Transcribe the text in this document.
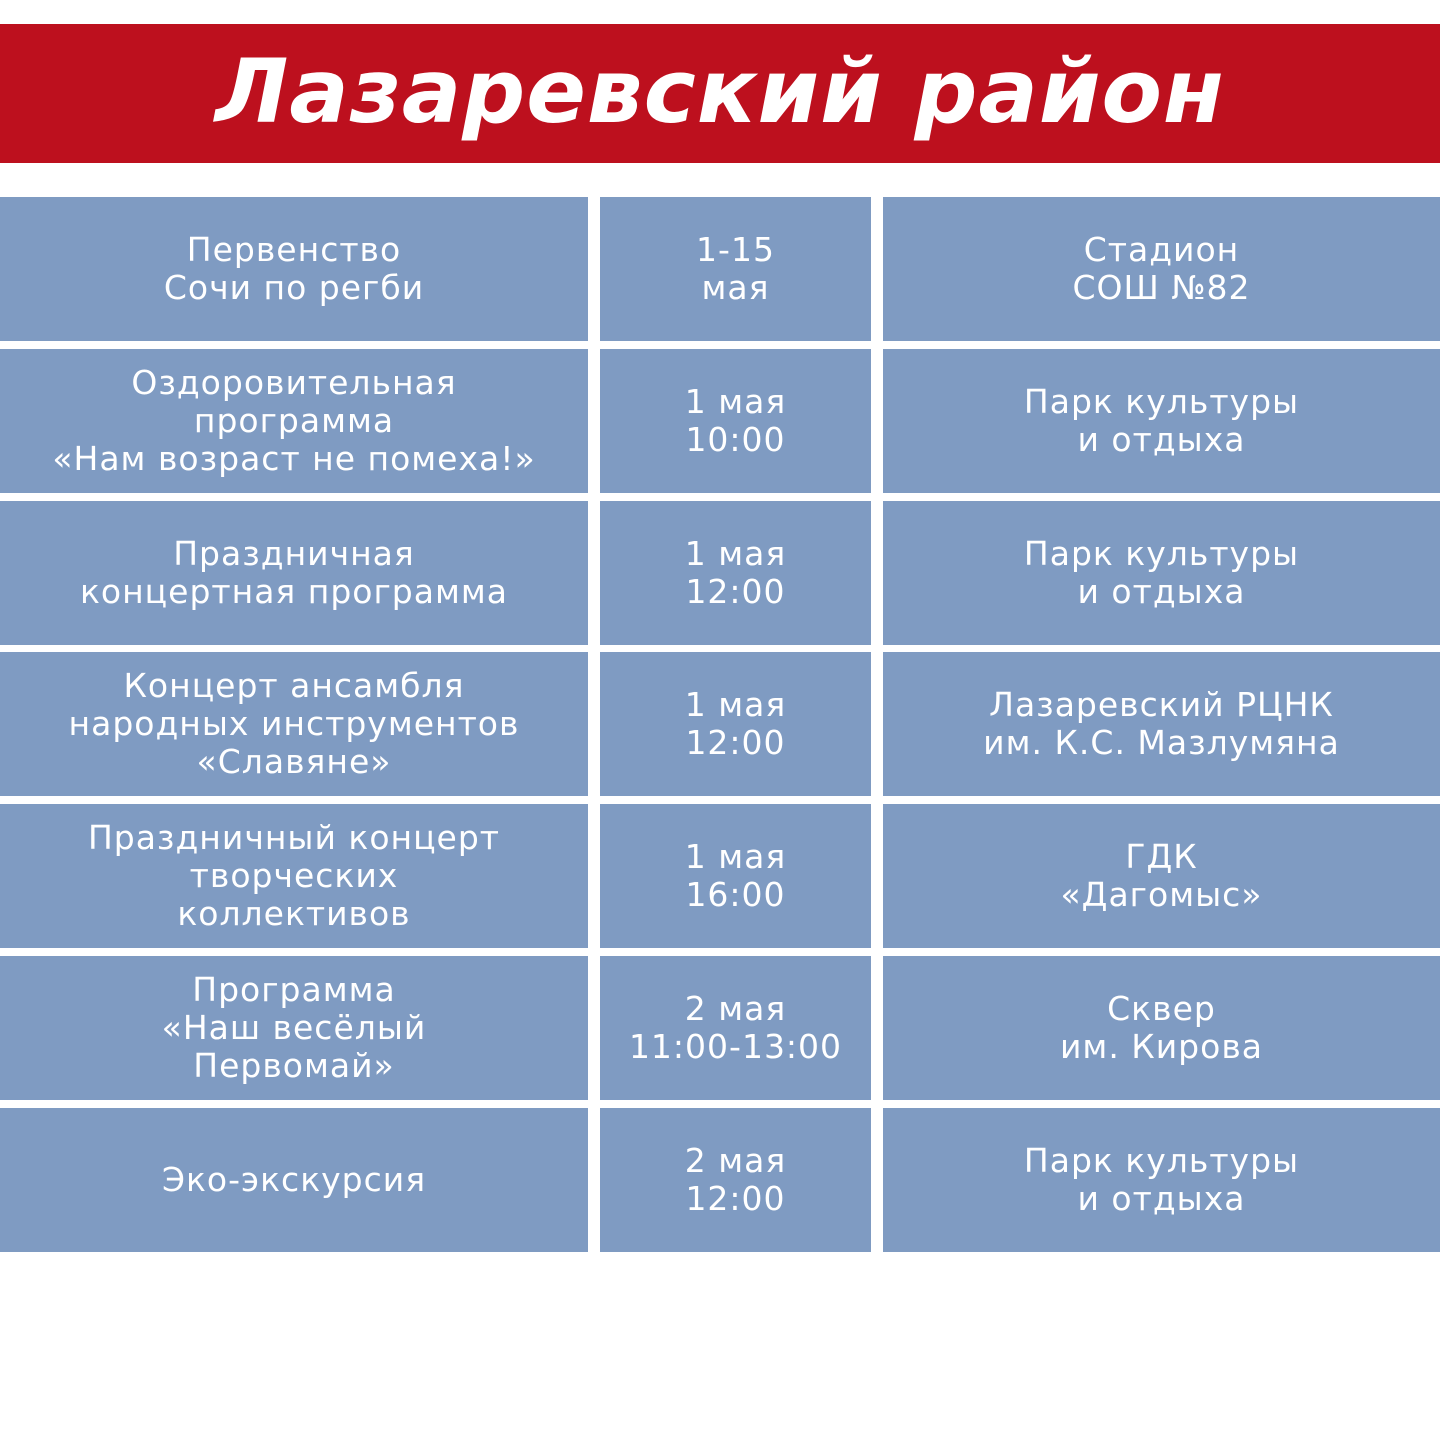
Лазаревский район
Первенство
Сочи по регби
1-15
мая
Стадион
СОШ №82
Оздоровительная
программа
«Нам возраст не помеха!»
1 мая
10:00
Парк культуры
и отдыха
Праздничная
концертная программа
1 мая
12:00
Парк культуры
и отдыха
Концерт ансамбля
народных инструментов
«Славяне»
1 мая
12:00
Лазаревский РЦНК
им. К.С. Мазлумяна
Праздничный концерт
творческих
коллективов
1 мая
16:00
ГДК
«Дагомыс»
Программа
«Наш весёлый
Первомай»
2 мая
11:00-13:00
Сквер
им. Кирова
Эко-экскурсия	2 мая
12:00
Парк культуры
и отдыха
